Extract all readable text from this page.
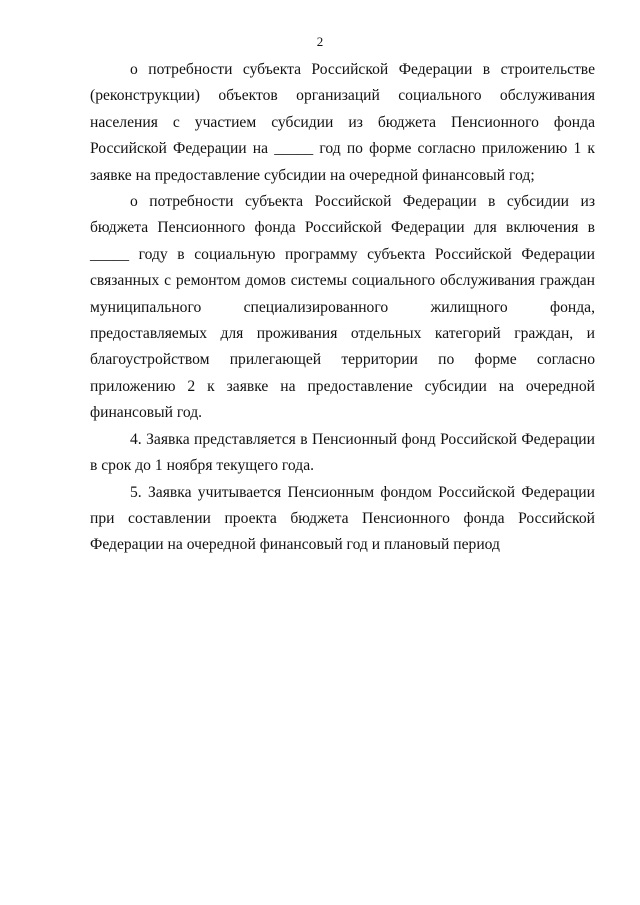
2

о потребности субъекта Российской Федерации в строительстве (реконструкции) объектов организаций социального обслуживания населения с участием субсидии из бюджета Пенсионного фонда Российской Федерации на _____ год по форме согласно приложению 1 к заявке на предоставление субсидии на очередной финансовый год;

о потребности субъекта Российской Федерации в субсидии из бюджета Пенсионного фонда Российской Федерации для включения в _____ году в социальную программу субъекта Российской Федерации связанных с ремонтом домов системы социального обслуживания граждан муниципального специализированного жилищного фонда, предоставляемых для проживания отдельных категорий граждан, и благоустройством прилегающей территории по форме согласно приложению 2 к заявке на предоставление субсидии на очередной финансовый год.

4. Заявка представляется в Пенсионный фонд Российской Федерации в срок до 1 ноября текущего года.

5. Заявка учитывается Пенсионным фондом Российской Федерации при составлении проекта бюджета Пенсионного фонда Российской Федерации на очередной финансовый год и плановый период
